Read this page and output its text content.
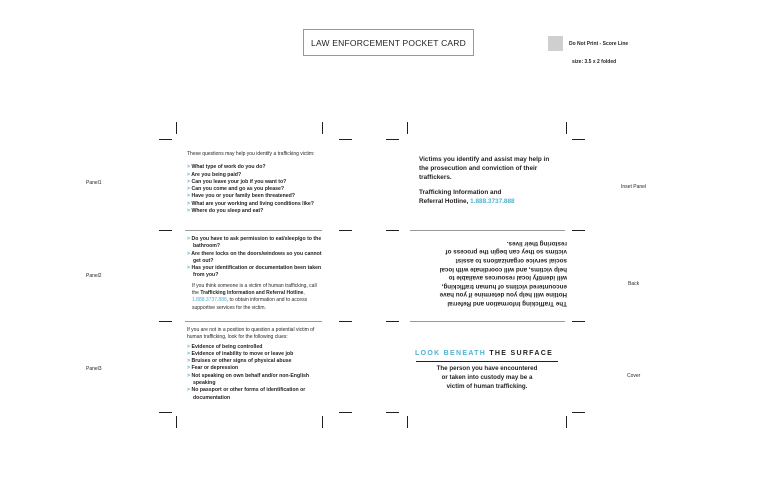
LAW ENFORCEMENT POCKET CARD	Do Not Print - Score Line
size: 3.5 x 2 folded
Panel1
Panel2
Panel3
Inset Panel
Back
Cover
These questions may help you identify a trafficking victim:
> What type of work do you do?
> Are you being paid?
> Can you leave your job if you want to?
> Can you come and go as you please?
> Have you or your family been threatened?
> What are your working and living conditions like?
> Where do you sleep and eat?
> Do you have to ask permission to eat/sleep/go to the bathroom?
> Are there locks on the doors/windows so you cannot get out?
> Has your identification or documentation been taken from you?
If you think someone is a victim of human trafficking, call the Trafficking Information and Referral Hotline, 1.888.3737.888, to obtain information and to access supportive services for the victim.
If you are not in a position to question a potential victim of human trafficking, look for the following clues:
> Evidence of being controlled
> Evidence of inability to move or leave job
> Bruises or other signs of physical abuse
> Fear or depression
> Not speaking on own behalf and/or non-English speaking
> No passport or other forms of identification or documentation
Victims you identify and assist may help in
the prosecution and conviction of their
traffickers.
Trafficking Information and
Referral Hotline, 1.888.3737.888
The Trafficking Information and Referral
Hotline will help you determine if you have
encountered victims of human trafficking,
will identify local resources available to
help victims, and will coordinate with local
social service organizations to assist
victims so they can begin the process of
restoring their lives.
LOOK BENEATH THE SURFACE
The person you have encountered
or taken into custody may be a
victim of human trafficking.
